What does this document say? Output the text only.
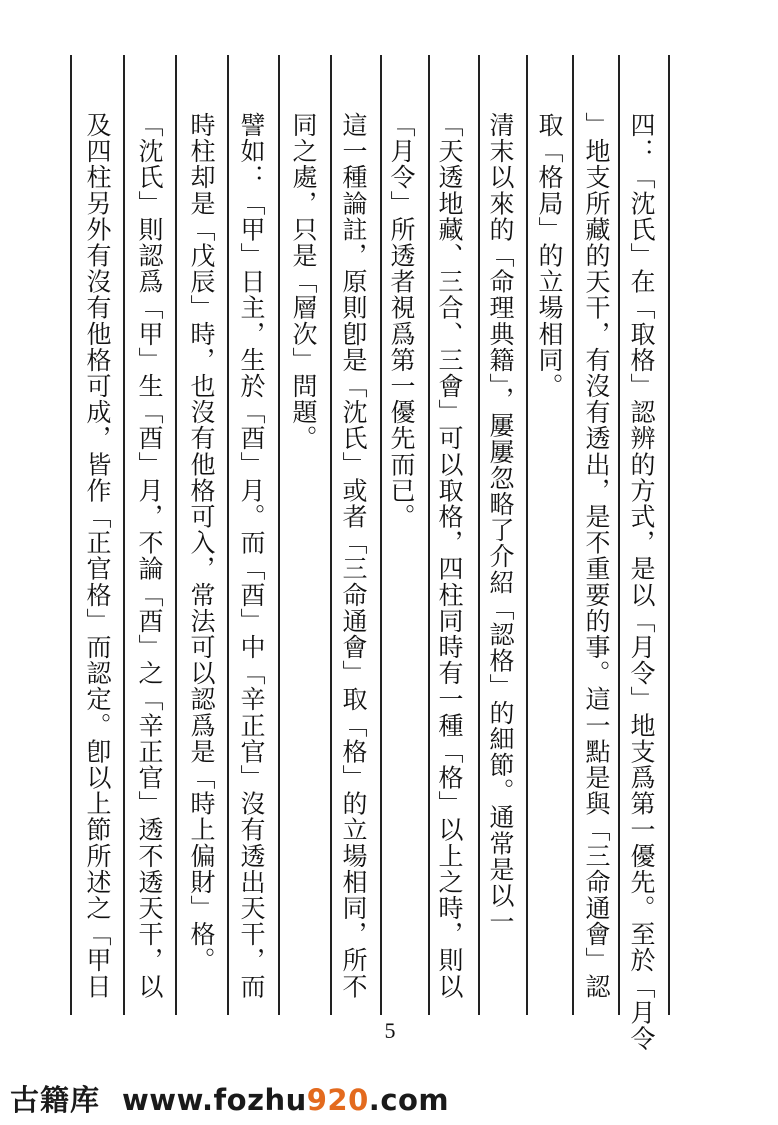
四：「沈氏」在「取格」認辨的方式，是以「月令」地支爲第一優先。至於「月令
」地支所藏的天干，有沒有透出，是不重要的事。這一點是與「三命通會」認
取「格局」的立場相同。
清末以來的「命理典籍」，屢屢忽略了介紹「認格」的細節。通常是以一
「天透地藏、三合、三會」可以取格，四柱同時有一種「格」以上之時，則以
「月令」所透者視爲第一優先而已。
這一種論註，原則卽是「沈氏」或者「三命通會」取「格」的立場相同，所不
同之處，只是「層次」問題。
譬如：「甲」日主，生於「酉」月。而「酉」中「辛正官」沒有透出天干，而
時柱却是「戊辰」時，也沒有他格可入，常法可以認爲是「時上偏財」格。
「沈氏」則認爲「甲」生「酉」月，不論「酉」之「辛正官」透不透天干，以
及四柱另外有沒有他格可成，皆作「正官格」而認定。卽以上節所述之「甲日
5
古籍库 www.fozhu920.com
